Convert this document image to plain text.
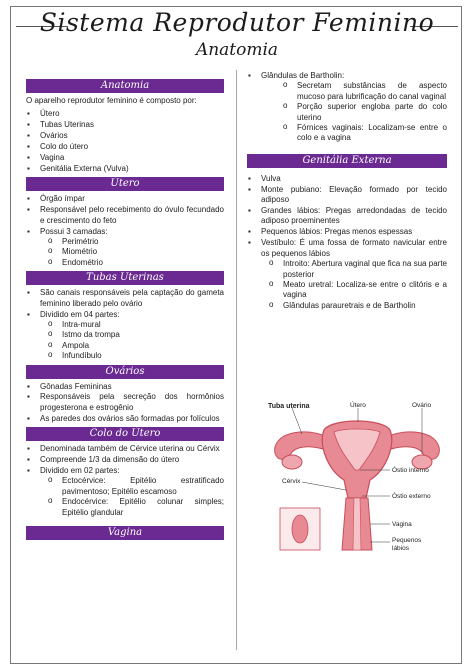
Sistema Reprodutor Feminino
Anatomia
Anatomia
O aparelho reprodutor feminino é composto por:
▪ Útero
▪ Tubas Uterinas
▪ Ovários
▪ Colo do útero
▪ Vagina
▪ Genitália Externa (Vulva)
Útero
▪ Órgão ímpar
▪ Responsável pelo recebimento do óvulo fecundado e crescimento do feto
▪ Possui 3 camadas:
o Perimétrio
o Miométrio
o Endométrio
Tubas Uterinas
▪ São canais responsáveis pela captação do gameta feminino liberado pelo ovário
▪ Dividido em 04 partes:
o Intra-mural
o Istmo da trompa
o Ampola
o Infundíbulo
Ovários
▪ Gônadas Femininas
▪ Responsáveis pela secreção dos hormônios progesterona e estrogênio
▪ As paredes dos ovários são formadas por folículos
Colo do Útero
▪ Denominada também de Cérvice uterina ou Cérvix
▪ Compreende 1/3 da dimensão do útero
▪ Dividido em 02 partes:
o Ectocérvice: Epitélio estratificado pavimentoso; Epitélio escamoso
o Endocérvice: Epitélio colunar simples; Epitélio glandular
Vagina
▪ Glândulas de Bartholin:
o Secretam substâncias de aspecto mucoso para lubrificação do canal vaginal
o Porção superior engloba parte do colo uterino
o Fórnices vaginais: Localizam-se entre o colo e a vagina
Genitália Externa
▪ Vulva
▪ Monte pubiano: Elevação formado por tecido adiposo
▪ Grandes lábios: Pregas arredondadas de tecido adiposo proeminentes
▪ Pequenos lábios: Pregas menos espessas
▪ Vestíbulo: É uma fossa de formato navicular entre os pequenos lábios
o Introito: Abertura vaginal que fica na sua parte posterior
o Meato uretral: Localiza-se entre o clitóris e a vagina
o Glândulas parauretrais e de Bartholin
Tuba uterina	Útero	Ovário
Cérvix
Óstio interno
Óstio externo
Vagina
Pequenos
lábios
